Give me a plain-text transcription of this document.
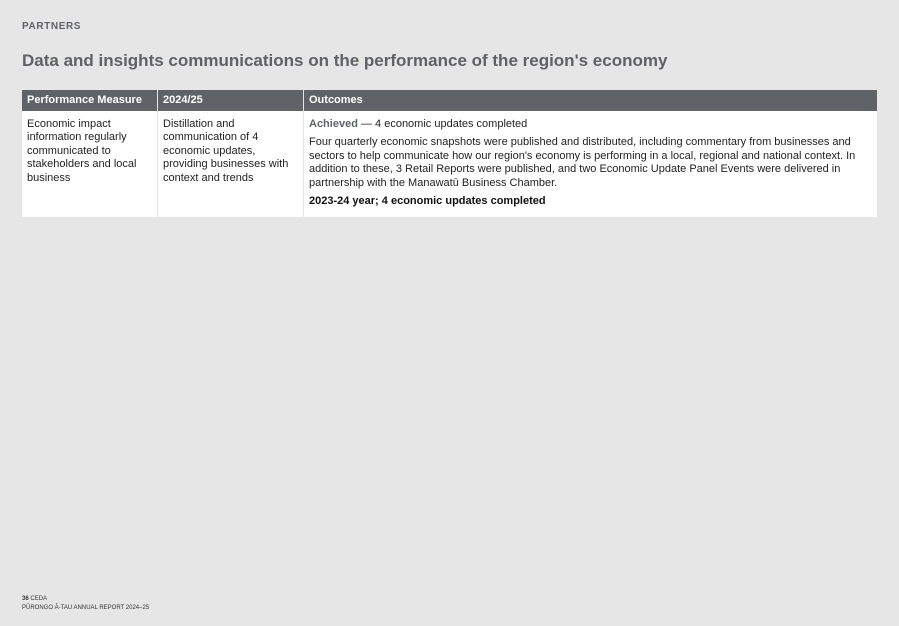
PARTNERS
Data and insights communications on the performance of the region's economy
Performance Measure	2024/25	Outcomes
Economic impact information regularly communicated to stakeholders and local business	Distillation and communication of 4 economic updates, providing businesses with context and trends	Achieved — 4 economic updates completed

Four quarterly economic snapshots were published and distributed, including commentary from businesses and sectors to help communicate how our region's economy is performing in a local, regional and national context. In addition to these, 3 Retail Reports were published, and two Economic Update Panel Events were delivered in partnership with the Manawatū Business Chamber.

2023-24 year; 4 economic updates completed

36 CEDA
PŪRONGO Ā-TAU ANNUAL REPORT 2024–25
